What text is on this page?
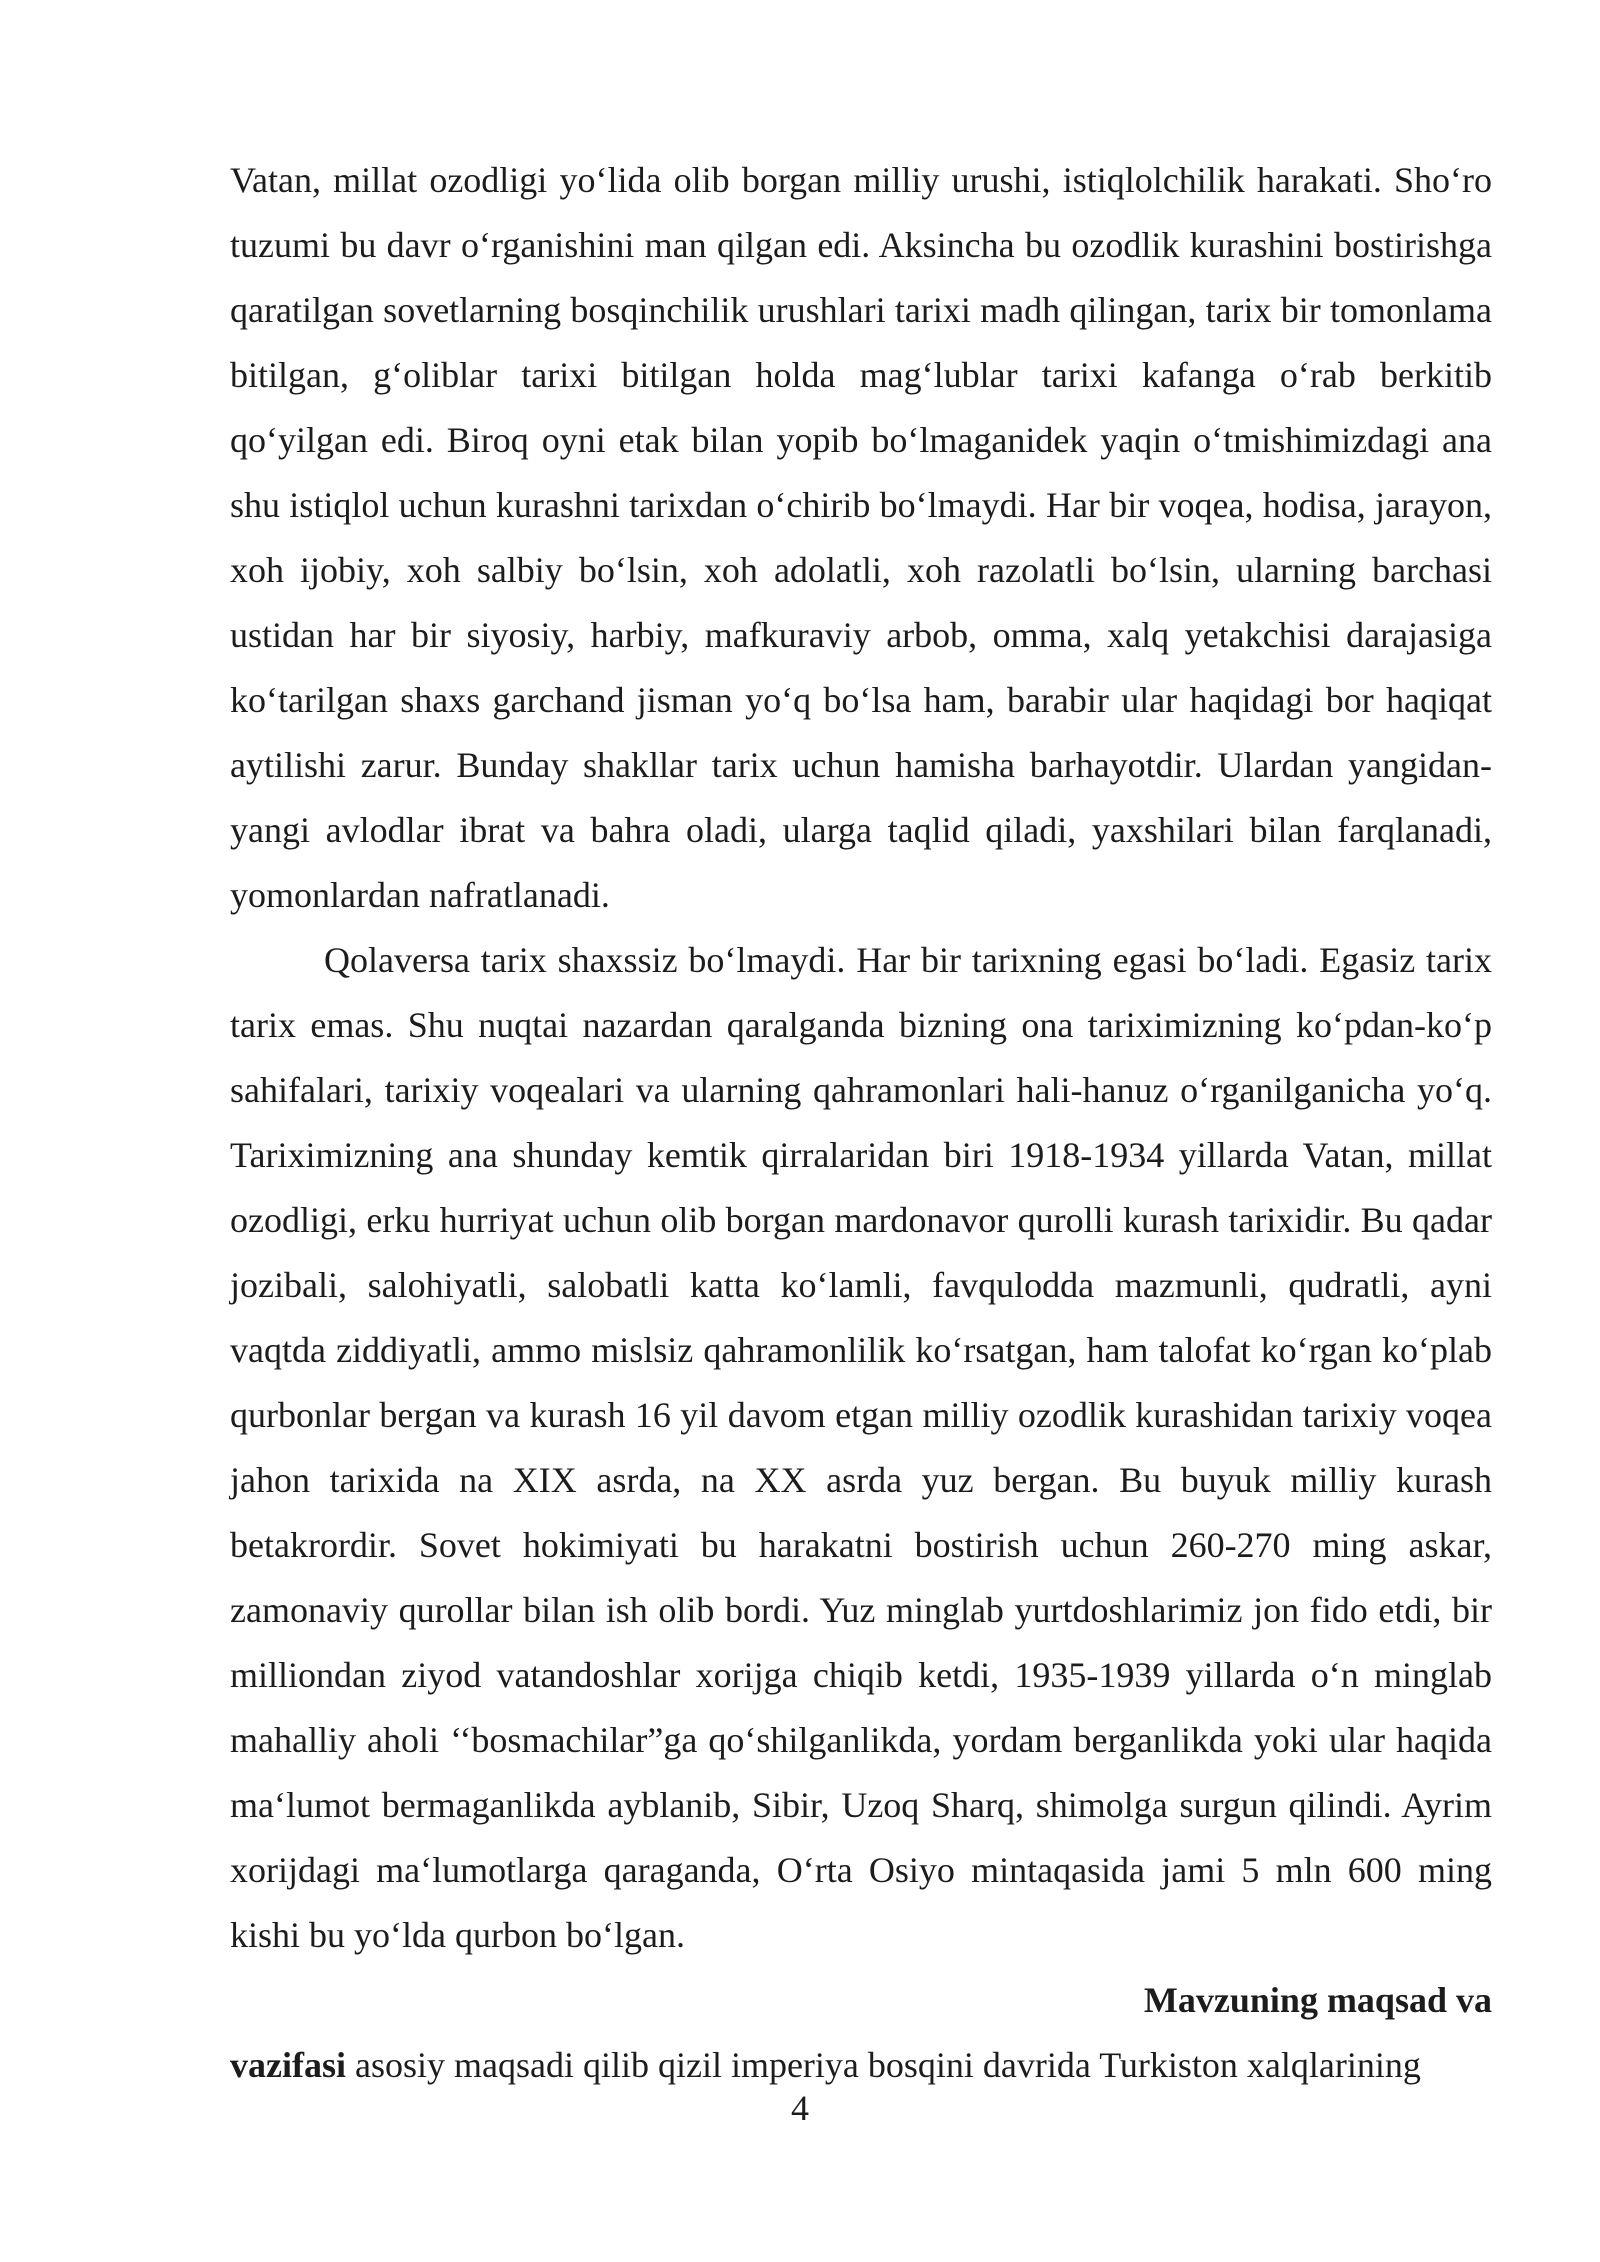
Vatan, millat ozodligi yo‘lida olib borgan milliy urushi, istiqlolchilik harakati. Sho‘ro tuzumi bu davr o‘rganishini man qilgan edi. Aksincha bu ozodlik kurashini bostirishga qaratilgan sovetlarning bosqinchilik urushlari tarixi madh qilingan, tarix bir tomonlama bitilgan, g‘oliblar tarixi bitilgan holda mag‘lublar tarixi kafanga o‘rab berkitib qo‘yilgan edi. Biroq oyni etak bilan yopib bo‘lmaganidek yaqin o‘tmishimizdagi ana shu istiqlol uchun kurashni tarixdan o‘chirib bo‘lmaydi. Har bir voqea, hodisa, jarayon, xoh ijobiy, xoh salbiy bo‘lsin, xoh adolatli, xoh razolatli bo‘lsin, ularning barchasi ustidan har bir siyosiy, harbiy, mafkuraviy arbob, omma, xalq yetakchisi darajasiga ko‘tarilgan shaxs garchand jisman yo‘q bo‘lsa ham, barabir ular haqidagi bor haqiqat aytilishi zarur. Bunday shakllar tarix uchun hamisha barhayotdir. Ulardan yangidan-yangi avlodlar ibrat va bahra oladi, ularga taqlid qiladi, yaxshilari bilan farqlanadi, yomonlardan nafratlanadi.

Qolaversa tarix shaxssiz bo‘lmaydi. Har bir tarixning egasi bo‘ladi. Egasiz tarix tarix emas. Shu nuqtai nazardan qaralganda bizning ona tariximizning ko‘pdan-ko‘p sahifalari, tarixiy voqealari va ularning qahramonlari hali-hanuz o‘rganilganicha yo‘q. Tariximizning ana shunday kemtik qirralaridan biri 1918-1934 yillarda Vatan, millat ozodligi, erku hurriyat uchun olib borgan mardonavor qurolli kurash tarixidir. Bu qadar jozibali, salohiyatli, salobatli katta ko‘lamli, favqulodda mazmunli, qudratli, ayni vaqtda ziddiyatli, ammo mislsiz qahramonlilik ko‘rsatgan, ham talofat ko‘rgan ko‘plab qurbonlar bergan va kurash 16 yil davom etgan milliy ozodlik kurashidan tarixiy voqea jahon tarixida na XIX asrda, na XX asrda yuz bergan. Bu buyuk milliy kurash betakrordir. Sovet hokimiyati bu harakatni bostirish uchun 260-270 ming askar, zamonaviy qurollar bilan ish olib bordi. Yuz minglab yurtdoshlarimiz jon fido etdi, bir milliondan ziyod vatandoshlar xorijga chiqib ketdi, 1935-1939 yillarda o‘n minglab mahalliy aholi ‘‘bosmachilar”ga qo‘shilganlikda, yordam berganlikda yoki ular haqida ma‘lumot bermaganlikda ayblanib, Sibir, Uzoq Sharq, shimolga surgun qilindi. Ayrim xorijdagi ma‘lumotlarga qaraganda, O‘rta Osiyo mintaqasida jami 5 mln 600 ming kishi bu yo‘lda qurbon bo‘lgan.

Mavzuning maqsad va

vazifasi asosiy maqsadi qilib qizil imperiya bosqini davrida Turkiston xalqlarining

4
